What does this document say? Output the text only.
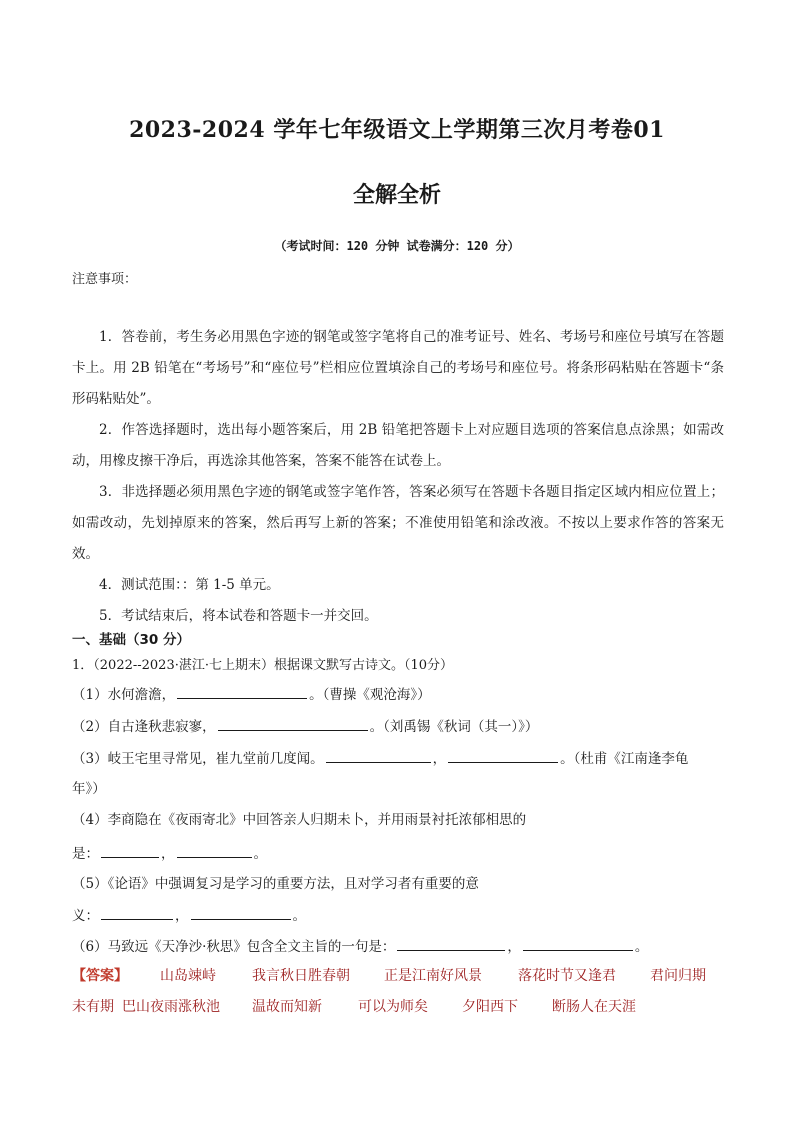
2023-2024 学年七年级语文上学期第三次月考卷01
全解全析
（考试时间：120 分钟 试卷满分：120 分）
注意事项：

1．答卷前，考生务必用黑色字迹的钢笔或签字笔将自己的准考证号、姓名、考场号和座位号填写在答题卡上。用 2B 铅笔在“考场号”和“座位号”栏相应位置填涂自己的考场号和座位号。将条形码粘贴在答题卡“条形码粘贴处”。

2．作答选择题时，选出每小题答案后，用 2B 铅笔把答题卡上对应题目选项的答案信息点涂黑；如需改动，用橡皮擦干净后，再选涂其他答案，答案不能答在试卷上。

3．非选择题必须用黑色字迹的钢笔或签字笔作答，答案必须写在答题卡各题目指定区域内相应位置上；如需改动，先划掉原来的答案，然后再写上新的答案；不准使用铅笔和涂改液。不按以上要求作答的答案无效。

4．测试范围：：第 1-5 单元。

5．考试结束后，将本试卷和答题卡一并交回。

一、基础（30 分）
1．（2022--2023·湛江·七上期末）根据课文默写古诗文。（10分）
（1）水何澹澹，	。（曹操《观沧海》）
（2）自古逢秋悲寂寥，	。（刘禹锡《秋词（其一）》）
（3）岐王宅里寻常见，崔九堂前几度闻。	，	。（杜甫《江南逢李龟
年》）
（4）李商隐在《夜雨寄北》中回答亲人归期未卜，并用雨景衬托浓郁相思的
是：	，	。
（5）《论语》中强调复习是学习的重要方法，且对学习者有重要的意
义：	，	。
（6）马致远《天净沙·秋思》包含全文主旨的一句是：	，	。
【答案】 山岛竦峙	我言秋日胜春朝 正是江南好风景	落花时节又逢君 君问归期
未有期 巴山夜雨涨秋池 温故而知新	可以为师矣 夕阳西下 断肠人在天涯
